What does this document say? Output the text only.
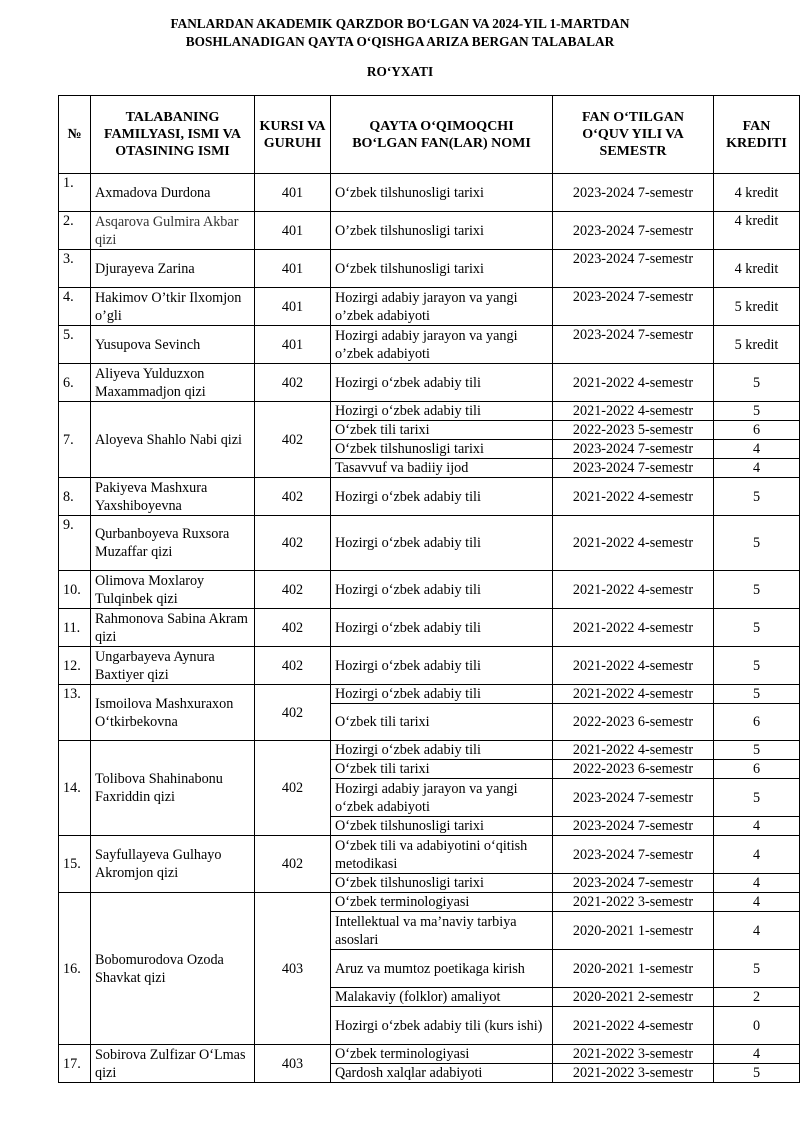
FANLARDAN AKADEMIK QARZDOR BO‘LGAN VA 2024-YIL 1-MARTDAN
BOSHLANADIGAN QAYTA O‘QISHGA ARIZA BERGAN TALABALAR
RO‘YXATI
№	TALABANING FAMILYASI, ISMI VA OTASINING ISMI	KURSI VA GURUHI	QAYTA O‘QIMOQCHI BO‘LGAN FAN(LAR) NOMI	FAN O‘TILGAN O‘QUV YILI VA SEMESTR	FAN KREDITI
1.	Axmadova Durdona	401	O‘zbek tilshunosligi tarixi	2023-2024 7-semestr	4 kredit
2.	Asqarova Gulmira Akbar qizi	401	O’zbek tilshunosligi tarixi	2023-2024 7-semestr	4 kredit
3.	Djurayeva Zarina	401	O‘zbek tilshunosligi tarixi	2023-2024 7-semestr	4 kredit
4.	Hakimov O’tkir Ilxomjon o’gli	401	Hozirgi adabiy jarayon va yangi o’zbek adabiyoti	2023-2024 7-semestr	5 kredit
5.	Yusupova Sevinch	401	Hozirgi adabiy jarayon va yangi o’zbek adabiyoti	2023-2024 7-semestr	5 kredit
6.	Aliyeva Yulduzxon Maxammadjon qizi	402	Hozirgi o‘zbek adabiy tili	2021-2022 4-semestr	5
7.	Aloyeva Shahlo Nabi qizi	402	Hozirgi o‘zbek adabiy tili	2021-2022 4-semestr	5
			O‘zbek tili tarixi	2022-2023 5-semestr	6
			O‘zbek tilshunosligi tarixi	2023-2024 7-semestr	4
			Tasavvuf va badiiy ijod	2023-2024 7-semestr	4
8.	Pakiyeva Mashxura Yaxshiboyevna	402	Hozirgi o‘zbek adabiy tili	2021-2022 4-semestr	5
9.	Qurbanboyeva Ruxsora Muzaffar qizi	402	Hozirgi o‘zbek adabiy tili	2021-2022 4-semestr	5
10.	Olimova Moxlaroy Tulqinbek qizi	402	Hozirgi o‘zbek adabiy tili	2021-2022 4-semestr	5
11.	Rahmonova Sabina Akram qizi	402	Hozirgi o‘zbek adabiy tili	2021-2022 4-semestr	5
12.	Ungarbayeva Aynura Baxtiyer qizi	402	Hozirgi o‘zbek adabiy tili	2021-2022 4-semestr	5
13.	Ismoilova Mashxuraxon O‘tkirbekovna	402	Hozirgi o‘zbek adabiy tili	2021-2022 4-semestr	5
			O‘zbek tili tarixi	2022-2023 6-semestr	6
14.	Tolibova Shahinabonu Faxriddin qizi	402	Hozirgi o‘zbek adabiy tili	2021-2022 4-semestr	5
			O‘zbek tili tarixi	2022-2023 6-semestr	6
			Hozirgi adabiy jarayon va yangi o‘zbek adabiyoti	2023-2024 7-semestr	5
			O‘zbek tilshunosligi tarixi	2023-2024 7-semestr	4
15.	Sayfullayeva Gulhayo Akromjon qizi	402	O‘zbek tili va adabiyotini o‘qitish metodikasi	2023-2024 7-semestr	4
			O‘zbek tilshunosligi tarixi	2023-2024 7-semestr	4
16.	Bobomurodova Ozoda Shavkat qizi	403	O‘zbek terminologiyasi	2021-2022 3-semestr	4
			Intellektual va ma’naviy tarbiya asoslari	2020-2021 1-semestr	4
			Aruz va mumtoz poetikaga kirish	2020-2021 1-semestr	5
			Malakaviy (folklor) amaliyot	2020-2021 2-semestr	2
			Hozirgi o‘zbek adabiy tili (kurs ishi)	2021-2022 4-semestr	0
17.	Sobirova Zulfizar O‘Lmas qizi	403	O‘zbek terminologiyasi	2021-2022 3-semestr	4
			Qardosh xalqlar adabiyoti	2021-2022 3-semestr	5
